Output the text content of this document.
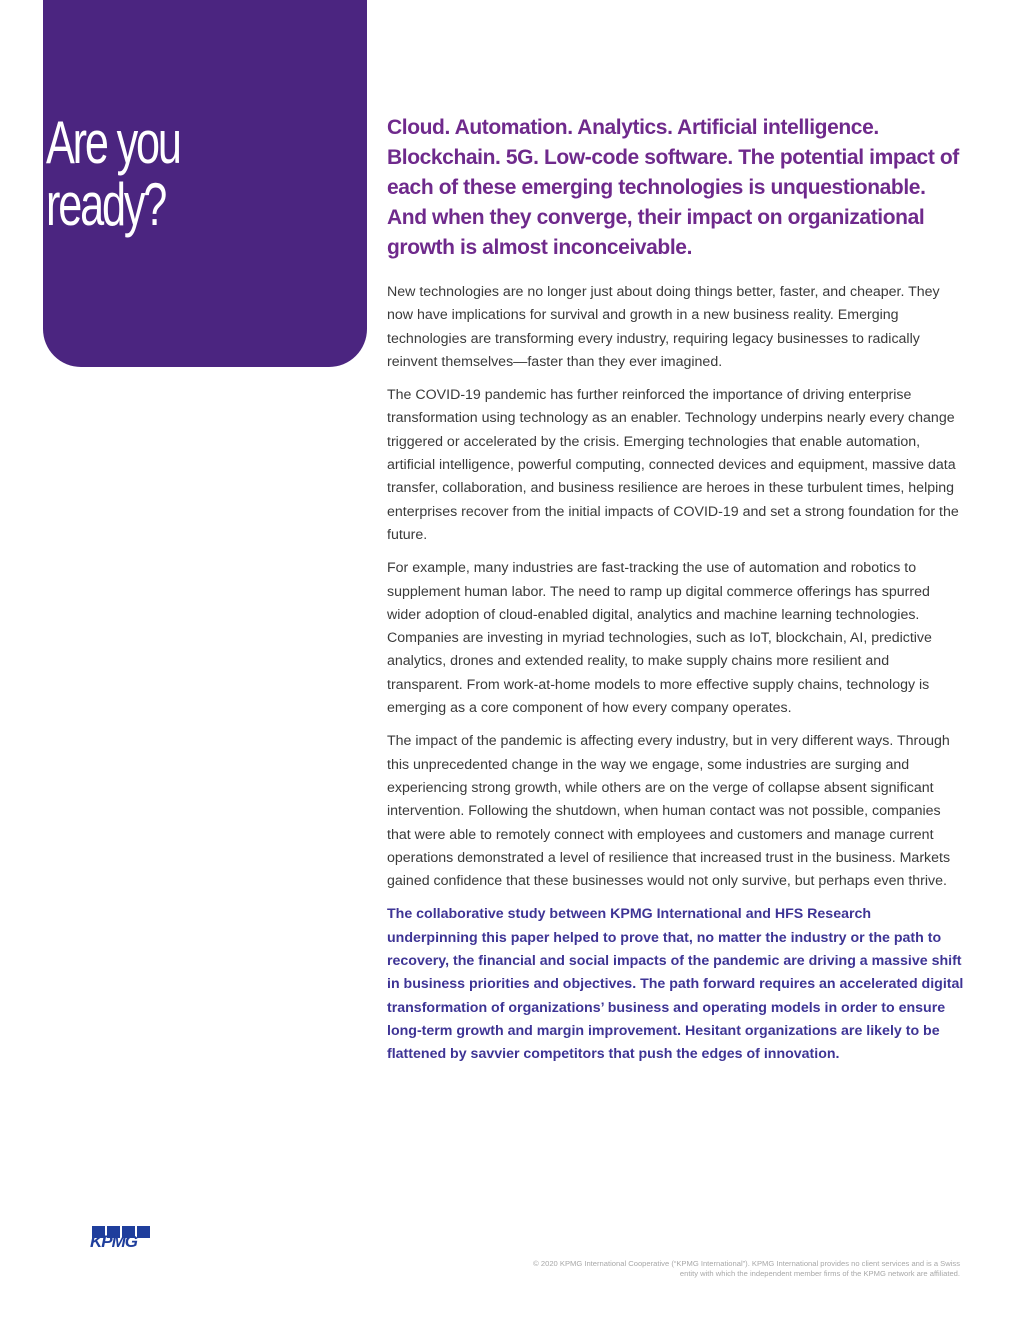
Are you
ready?

Cloud. Automation. Analytics. Artificial intelligence. Blockchain. 5G. Low-code software. The potential impact of each of these emerging technologies is unquestionable. And when they converge, their impact on organizational growth is almost inconceivable.

New technologies are no longer just about doing things better, faster, and cheaper. They now have implications for survival and growth in a new business reality. Emerging technologies are transforming every industry, requiring legacy businesses to radically reinvent themselves—faster than they ever imagined.

The COVID-19 pandemic has further reinforced the importance of driving enterprise transformation using technology as an enabler. Technology underpins nearly every change triggered or accelerated by the crisis. Emerging technologies that enable automation, artificial intelligence, powerful computing, connected devices and equipment, massive data transfer, collaboration, and business resilience are heroes in these turbulent times, helping enterprises recover from the initial impacts of COVID-19 and set a strong foundation for the future.

For example, many industries are fast-tracking the use of automation and robotics to supplement human labor. The need to ramp up digital commerce offerings has spurred wider adoption of cloud-enabled digital, analytics and machine learning technologies. Companies are investing in myriad technologies, such as IoT, blockchain, AI, predictive analytics, drones and extended reality, to make supply chains more resilient and transparent. From work-at-home models to more effective supply chains, technology is emerging as a core component of how every company operates.

The impact of the pandemic is affecting every industry, but in very different ways. Through this unprecedented change in the way we engage, some industries are surging and experiencing strong growth, while others are on the verge of collapse absent significant intervention. Following the shutdown, when human contact was not possible, companies that were able to remotely connect with employees and customers and manage current operations demonstrated a level of resilience that increased trust in the business. Markets gained confidence that these businesses would not only survive, but perhaps even thrive.

The collaborative study between KPMG International and HFS Research underpinning this paper helped to prove that, no matter the industry or the path to recovery, the financial and social impacts of the pandemic are driving a massive shift in business priorities and objectives. The path forward requires an accelerated digital transformation of organizations’ business and operating models in order to ensure long-term growth and margin improvement. Hesitant organizations are likely to be flattened by savvier competitors that push the edges of innovation.

KPMG
© 2020 KPMG International Cooperative (“KPMG International”). KPMG International provides no client services and is a Swiss
entity with which the independent member firms of the KPMG network are affiliated.
